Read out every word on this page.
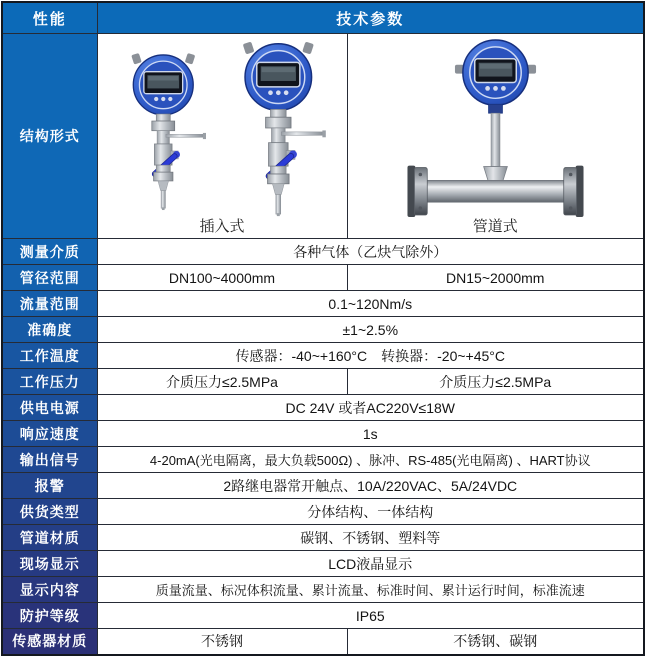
性能	技术参数	
结构形式	插入式	管道式

测量介质	各种气体（乙炔气除外）	
管径范围	DN100~4000mm	DN15~2000mm
流量范围	0.1~120Nm/s	
准确度	±1~2.5%	
工作温度	传感器：-40~+160°C　转换器：-20~+45°C	
工作压力	介质压力≤2.5MPa	介质压力≤2.5MPa
供电电源	DC 24V 或者AC220V≤18W	
响应速度	1s	
输出信号	4-20mA(光电隔离，最大负载500Ω) 、脉冲、RS-485(光电隔离) 、HART协议	
报警	2路继电器常开触点、10A/220VAC、5A/24VDC	
供货类型	分体结构、一体结构	
管道材质	碳钢、不锈钢、塑料等	
现场显示	LCD液晶显示	
显示内容	质量流量、标况体积流量、累计流量、标准时间、累计运行时间，标准流速	
防护等级	IP65	
传感器材质	不锈钢	不锈钢、碳钢
